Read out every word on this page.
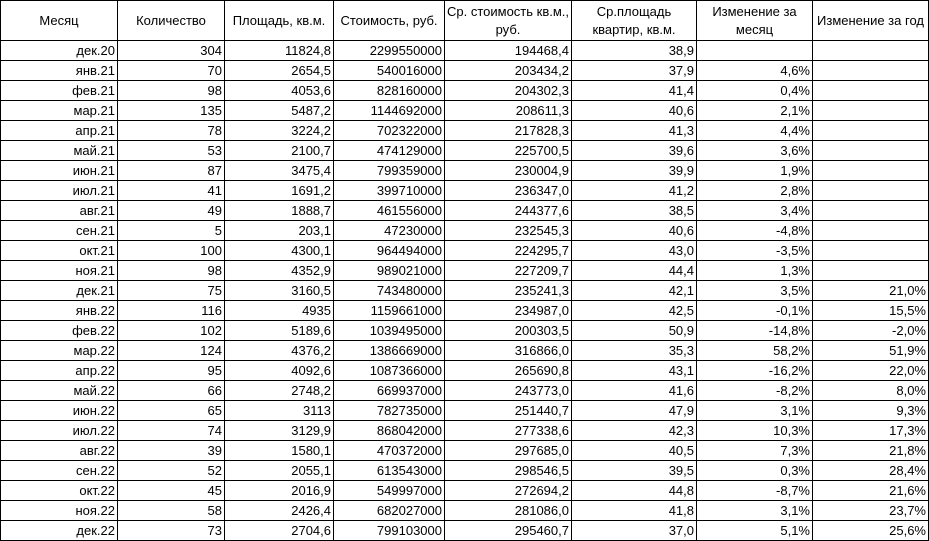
Месяц	Количество	Площадь, кв.м.	Стоимость, руб.	Ср. стоимость кв.м., руб.	Ср.площадь квартир, кв.м.	Изменение за месяц	Изменение за год
дек.20	304	11824,8	2299550000	194468,4	38,9		
янв.21	70	2654,5	540016000	203434,2	37,9	4,6%	
фев.21	98	4053,6	828160000	204302,3	41,4	0,4%	
мар.21	135	5487,2	1144692000	208611,3	40,6	2,1%	
апр.21	78	3224,2	702322000	217828,3	41,3	4,4%	
май.21	53	2100,7	474129000	225700,5	39,6	3,6%	
июн.21	87	3475,4	799359000	230004,9	39,9	1,9%	
июл.21	41	1691,2	399710000	236347,0	41,2	2,8%	
авг.21	49	1888,7	461556000	244377,6	38,5	3,4%	
сен.21	5	203,1	47230000	232545,3	40,6	-4,8%	
окт.21	100	4300,1	964494000	224295,7	43,0	-3,5%	
ноя.21	98	4352,9	989021000	227209,7	44,4	1,3%	
дек.21	75	3160,5	743480000	235241,3	42,1	3,5%	21,0%
янв.22	116	4935	1159661000	234987,0	42,5	-0,1%	15,5%
фев.22	102	5189,6	1039495000	200303,5	50,9	-14,8%	-2,0%
мар.22	124	4376,2	1386669000	316866,0	35,3	58,2%	51,9%
апр.22	95	4092,6	1087366000	265690,8	43,1	-16,2%	22,0%
май.22	66	2748,2	669937000	243773,0	41,6	-8,2%	8,0%
июн.22	65	3113	782735000	251440,7	47,9	3,1%	9,3%
июл.22	74	3129,9	868042000	277338,6	42,3	10,3%	17,3%
авг.22	39	1580,1	470372000	297685,0	40,5	7,3%	21,8%
сен.22	52	2055,1	613543000	298546,5	39,5	0,3%	28,4%
окт.22	45	2016,9	549997000	272694,2	44,8	-8,7%	21,6%
ноя.22	58	2426,4	682027000	281086,0	41,8	3,1%	23,7%
дек.22	73	2704,6	799103000	295460,7	37,0	5,1%	25,6%
